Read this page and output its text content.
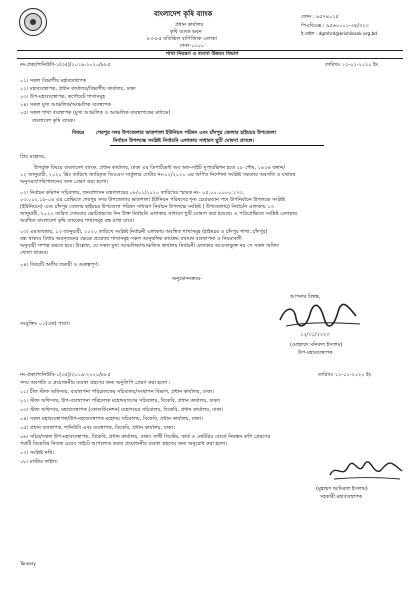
বাংলাদেশ কৃষি ব্যাংক
প্রধান কার্যালয়
কৃষি ব্যাংক ভবন
৮৩-৮৫ মতিঝিল বাণিজ্যিক এলাকা
ঢাকা-১০০০
ফোন : ৯৫৭৪০২৫
পিএবিএক্স : ৯৫৬০০০১-৩৫/৩২৩
ই-মেইল : dgmhrd@krishibank.org.bd
শাখা নিয়ন্ত্রণ ও ব্যবসা উন্নয়ন বিভাগ
নং-প্রকা/শানিউবি-১(৩৫)/২০১৯-২০২০/৮৮৫	তারিখঃ ১২-০১-২০২০ ইং
০১। সকল বিভাগীয় মহাব্যবস্থাপক
০২। মহাব্যবস্থাপক, প্রধান কার্যালয়/বিভাগীয় কার্যালয়, ঢাকা
০৩। উপ-মহাব্যবস্থাপক, কর্পোরেট শাখাসমূহ
০৪। সকল মুখ্য আঞ্চলিক/আঞ্চলিক ব্যবস্থাপক
০৫। সকল শাখা ব্যবস্থাপক (মুখ্য আঞ্চলিক ও আঞ্চলিক ব্যবস্থাপকের মাধ্যমে)
বাংলাদেশ কৃষি ব্যাংক।
বিষয়ঃ শেরপুর সদর উপজেলার ভাতশালা ইউনিয়ন পরিষদ এবং চাঁদপুর জেলার হাইমচর উপজেলা
নির্বাচন উপলক্ষে সংশ্লিষ্ট নির্বাচনি এলাকায় সাধারণ ছুটি ঘোষণা প্রসঙ্গে।
প্রিয় মহোদয়,
উপর্যুক্ত বিষয়ে বাংলাদেশ ব্যাংক, প্রধান কার্যালয়, ঢাকা এর ডিপার্টমেন্ট অব অফ-সাইট সুপারভিশন হতে ২৮ পৌষ, ১৪২৬ বঙ্গাব্দ/
১২ জানুয়ারী, ২০২০ খ্রিঃ তারিখে জারিকৃত ডিওএস সার্কুলার লেটার নং-০২/২০২০ এর অর্পিত নির্দেশনা সংশ্লিষ্ট সকলের অবগতি ও যথাযথ
অনুসরণ/পরিপালনের জন্য প্রেরণ করা হলো।
০২। নির্বাচন কমিশন সচিবালয়, জনপ্রশাসন মন্ত্রণালয়ের ০৮/০১/২০২০ তারিখের স্মারক নং- ০৫.০০.০০০০.১৭৩.
০৩.০০২.১৮-০৪ এর প্রেক্ষিতে শেরপুর সদর উপজেলার ভাতশালা ইউনিয়ন পরিষদের শূন্য চেয়ারম্যান পদে উপনির্বাচন উপলক্ষে সংশ্লিষ্ট
(ইউনিয়নে) এবং চাঁদপুর জেলার হাইমচর উপজেলা পরিষদ সাধারণ নির্বাচন উপলক্ষে সংশ্লিষ্ট ( উপজেলায়) নির্বাচনি এলাকায় ১৩
জানুয়ারী, ২০২০ তারিখ সোমবার ভোটগ্রহণের দিন উক্ত নির্বাচনি এলাকায় সাধারণ ছুটি ঘোষণা করা হয়েছে। এ পরিপ্রেক্ষিতে সংশ্লিষ্ট এলাকায়
অবস্থিত বাংলাদেশ কৃষি ব্যাংকের শাখাসমূহ বন্ধ রাখা যাবে।
০৩। এমতাবস্থায়, ১৩ জানুয়ারী, ২০২০ তারিখে সংশ্লিষ্ট নির্বাচনী এলাকায় অবস্থিত শাখাসমূহ (হাইমচর ও চাঁদপুর শাখা, চাঁদপুর)
বন্ধ থাকবে বিধায় অবসৃজনের ক্ষেত্রে প্রযোজ্য শাখাসমূহ সকল আনুষঙ্গিক কার্যক্রম যথাযথ ব্যবস্থাপনা ও নিয়মাবলী
অনুযায়ী সম্পন্ন করতে হবে। উল্লেখ্য, যে সকল মুখ্য আঞ্চলিক/আঞ্চলিক কার্যালয় নির্বাচনী এলাকার আওতাভুক্ত নয় সে সকল অফিস
খোলা থাকবে।
০৪। বিষয়টি অতীব জরুরী ও গুরুত্বপূর্ণ।
অনুমোদনক্রমে-
আপনার বিশ্বস্ত,
১২/০১/২০২০
(মোহাম্মদ মনিরুল ইসলাম)
উপ-মহাব্যবস্থাপক
সংযুক্তিঃ ০১(এক) পাতা।
নং-প্রকা/শানিউবি-১(৩৫)/২০১৯-২০২০/৮৮৫	তারিখঃ ১২-০১-২০২০ ইং
সদয় অবগতি ও প্রয়োজনীয় ব্যবস্থা গ্রহণের জন্য অনুলিপি প্রেরণ করা হলো :
০১। চীফ স্টাফ অফিসার, ব্যবস্থাপনা পরিচালকের সচিবালয়/সংস্থাপন বিভাগ, প্রধান কার্যালয়, ঢাকা।
০২। স্টাফ অফিসার, উপ-ব্যবস্থাপনা পরিচালক মহোদয়গণের সচিবালয়, বিকেবি, প্রধান কার্যালয়, ঢাকা।
০৩। স্টাফ অফিসার, মহাব্যবস্থাপক (কোঅর্ডিনেশন) মহোদয়ের সচিবালয়, বিকেবি, প্রধান কার্যালয়, ঢাকা।
০৪। সকল মহাব্যবস্থাপক/উপ-মহাব্যবস্থাপক মহোদয় সচিবালয়, বিকেবি, প্রধান কার্যালয়, ঢাকা।
০৫। প্রধান ব্যবস্থাপক, শানিউবি এবং ব্যবস্থাপক, বিকেবি, প্রধান কার্যালয়, ঢাকা।
০৬। সচিব/সকল উপ-মহাব্যবস্থাপক, বিকেবি, প্রধান কার্যালয়, ঢাকা। সাথী সিস্টেম, কার্ড ও নোটরিয় বোর্ডে নিবন্ধন কপি প্রেরণের
পত্রটি বিকেবির নিজস্ব ওয়েব সাইটে আপলোড করার প্রয়োজনীয় ব্যবস্থা গ্রহণের জন্য অনুরোধ করা হলো।
০৭। সংশ্লিষ্ট নথি।
০৮। মাস্টার ফাইল।
(মুহাম্মদ আমিরুল ইসলাম)
সহকারী মহাব্যবস্থাপক
Tannery
